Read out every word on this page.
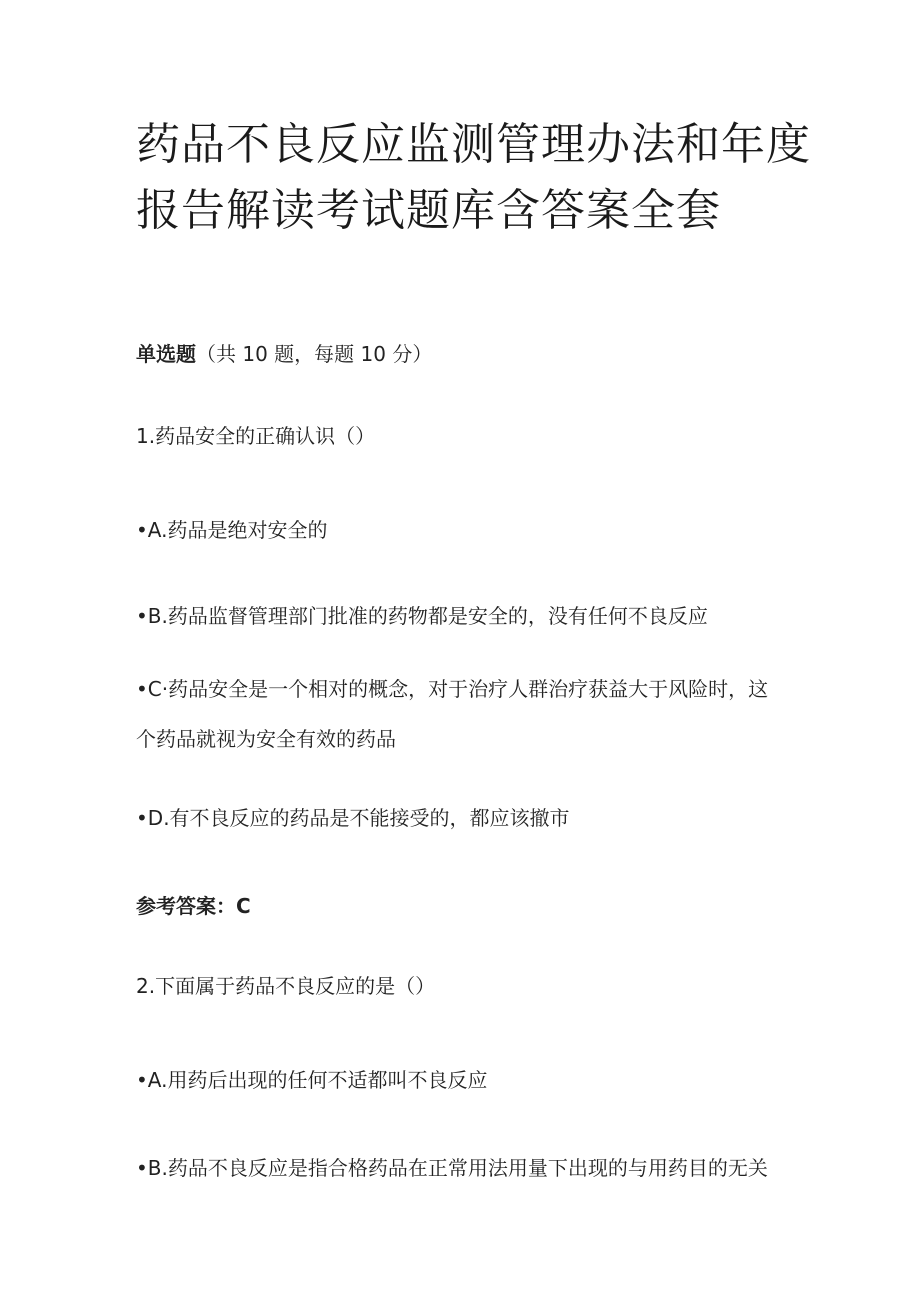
药品不良反应监测管理办法和年度
报告解读考试题库含答案全套
单选题（共 10 题，每题 10 分）
1.药品安全的正确认识（）
•A.药品是绝对安全的
•B.药品监督管理部门批准的药物都是安全的，没有任何不良反应
•C·药品安全是一个相对的概念，对于治疗人群治疗获益大于风险时，这
个药品就视为安全有效的药品
•D.有不良反应的药品是不能接受的，都应该撤市
参考答案：C
2.下面属于药品不良反应的是（）
•A.用药后出现的任何不适都叫不良反应
•B.药品不良反应是指合格药品在正常用法用量下出现的与用药目的无关
